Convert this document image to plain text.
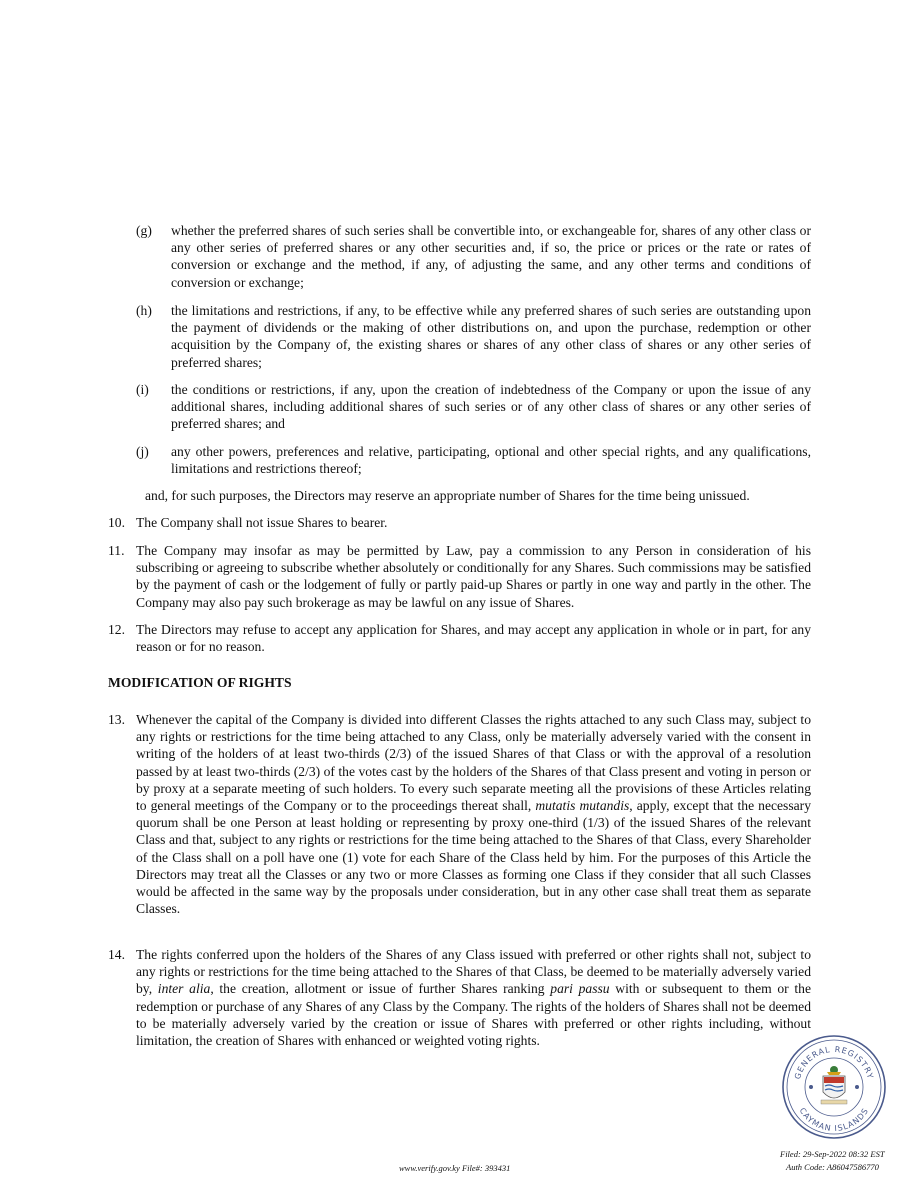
(g) whether the preferred shares of such series shall be convertible into, or exchangeable for, shares of any other class or any other series of preferred shares or any other securities and, if so, the price or prices or the rate or rates of conversion or exchange and the method, if any, of adjusting the same, and any other terms and conditions of conversion or exchange;

(h) the limitations and restrictions, if any, to be effective while any preferred shares of such series are outstanding upon the payment of dividends or the making of other distributions on, and upon the purchase, redemption or other acquisition by the Company of, the existing shares or shares of any other class of shares or any other series of preferred shares;

(i) the conditions or restrictions, if any, upon the creation of indebtedness of the Company or upon the issue of any additional shares, including additional shares of such series or of any other class of shares or any other series of preferred shares; and

(j) any other powers, preferences and relative, participating, optional and other special rights, and any qualifications, limitations and restrictions thereof;

and, for such purposes, the Directors may reserve an appropriate number of Shares for the time being unissued.

10. The Company shall not issue Shares to bearer.

11. The Company may insofar as may be permitted by Law, pay a commission to any Person in consideration of his subscribing or agreeing to subscribe whether absolutely or conditionally for any Shares. Such commissions may be satisfied by the payment of cash or the lodgement of fully or partly paid-up Shares or partly in one way and partly in the other. The Company may also pay such brokerage as may be lawful on any issue of Shares.

12. The Directors may refuse to accept any application for Shares, and may accept any application in whole or in part, for any reason or for no reason.

MODIFICATION OF RIGHTS
13. Whenever the capital of the Company is divided into different Classes the rights attached to any such Class may, subject to any rights or restrictions for the time being attached to any Class, only be materially adversely varied with the consent in writing of the holders of at least two-thirds (2/3) of the issued Shares of that Class or with the approval of a resolution passed by at least two-thirds (2/3) of the votes cast by the holders of the Shares of that Class present and voting in person or by proxy at a separate meeting of such holders. To every such separate meeting all the provisions of these Articles relating to general meetings of the Company or to the proceedings thereat shall, mutatis mutandis, apply, except that the necessary quorum shall be one Person at least holding or representing by proxy one-third (1/3) of the issued Shares of the relevant Class and that, subject to any rights or restrictions for the time being attached to the Shares of that Class, every Shareholder of the Class shall on a poll have one (1) vote for each Share of the Class held by him. For the purposes of this Article the Directors may treat all the Classes or any two or more Classes as forming one Class if they consider that all such Classes would be affected in the same way by the proposals under consideration, but in any other case shall treat them as separate Classes.

14. The rights conferred upon the holders of the Shares of any Class issued with preferred or other rights shall not, subject to any rights or restrictions for the time being attached to the Shares of that Class, be deemed to be materially adversely varied by, inter alia, the creation, allotment or issue of further Shares ranking pari passu with or subsequent to them or the redemption or purchase of any Shares of any Class by the Company. The rights of the holders of Shares shall not be deemed to be materially adversely varied by the creation or issue of Shares with preferred or other rights including, without limitation, the creation of Shares with enhanced or weighted voting rights.

GENERAL REGISTRY
CAYMAN ISLANDS
www.verify.gov.ky File#: 393431
Filed: 29-Sep-2022 08:32 EST
Auth Code: A86047586770
